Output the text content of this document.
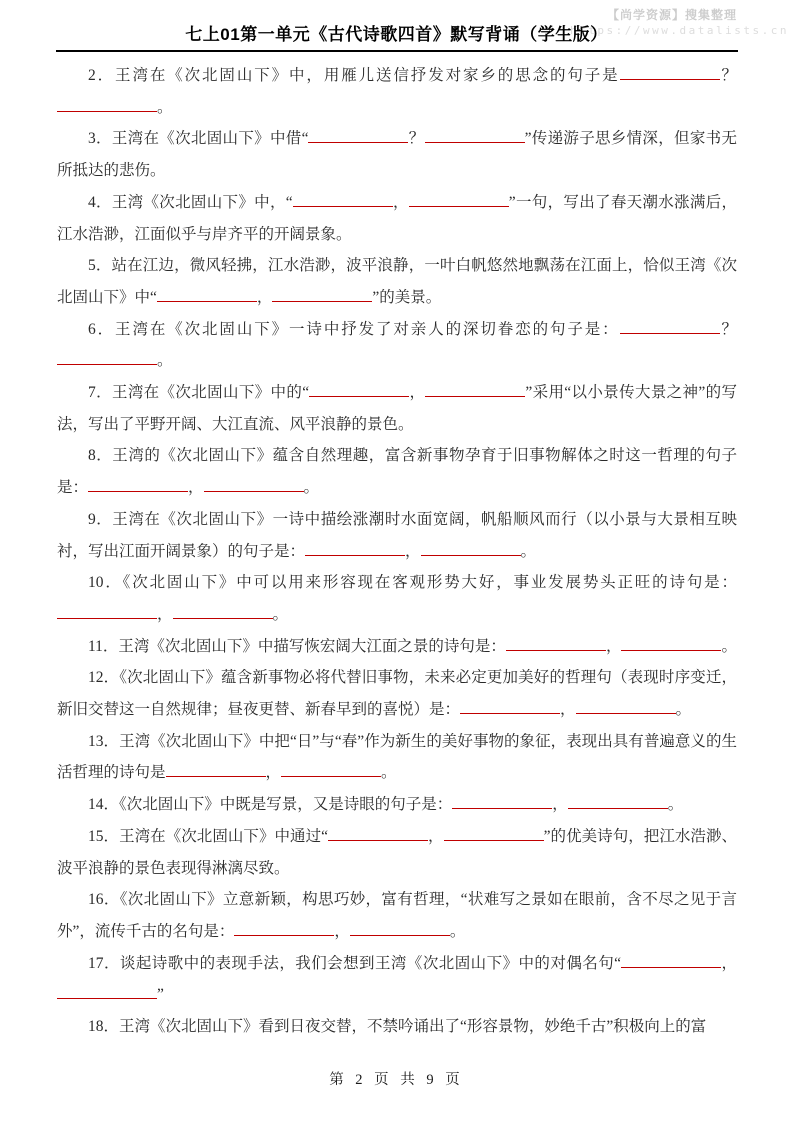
【尚学资源】搜集整理
https://www.datalists.cn
七上01第一单元《古代诗歌四首》默写背诵（学生版）

2．王湾在《次北固山下》中，用雁儿送信抒发对家乡的思念的句子是	？。

3．王湾在《次北固山下》中借“	？	”传递游子思乡情深，但家书无所抵达的悲伤。

4．王湾《次北固山下》中，“	，	”一句，写出了春天潮水涨满后，江水浩渺，江面似乎与岸齐平的开阔景象。

5．站在江边，微风轻拂，江水浩渺，波平浪静，一叶白帆悠然地飘荡在江面上，恰似王湾《次北固山下》中“	，	”的美景。

6．王湾在《次北固山下》一诗中抒发了对亲人的深切眷恋的句子是：	？。

7．王湾在《次北固山下》中的“	，	”采用“以小景传大景之神”的写法，写出了平野开阔、大江直流、风平浪静的景色。

8．王湾的《次北固山下》蕴含自然理趣，富含新事物孕育于旧事物解体之时这一哲理的句子是：	，	。

9．王湾在《次北固山下》一诗中描绘涨潮时水面宽阔，帆船顺风而行（以小景与大景相互映衬，写出江面开阔景象）的句子是：	，	。

10．《次北固山下》中可以用来形容现在客观形势大好，事业发展势头正旺的诗句是：，	。

11．王湾《次北固山下》中描写恢宏阔大江面之景的诗句是：	，	。

12．《次北固山下》蕴含新事物必将代替旧事物，未来必定更加美好的哲理句（表现时序变迁，新旧交替这一自然规律；昼夜更替、新春早到的喜悦）是：	，	。

13．王湾《次北固山下》中把“日”与“春”作为新生的美好事物的象征，表现出具有普遍意义的生活哲理的诗句是	，	。

14．《次北固山下》中既是写景，又是诗眼的句子是：	，	。

15．王湾在《次北固山下》中通过“	，	”的优美诗句，把江水浩渺、波平浪静的景色表现得淋漓尽致。

16．《次北固山下》立意新颖，构思巧妙，富有哲理，“状难写之景如在眼前，含不尽之见于言外”，流传千古的名句是：	，	。

17．谈起诗歌中的表现手法，我们会想到王湾《次北固山下》中的对偶名句“	，”

18．王湾《次北固山下》看到日夜交替，不禁吟诵出了“形容景物，妙绝千古”积极向上的富

第 2 页 共 9 页
